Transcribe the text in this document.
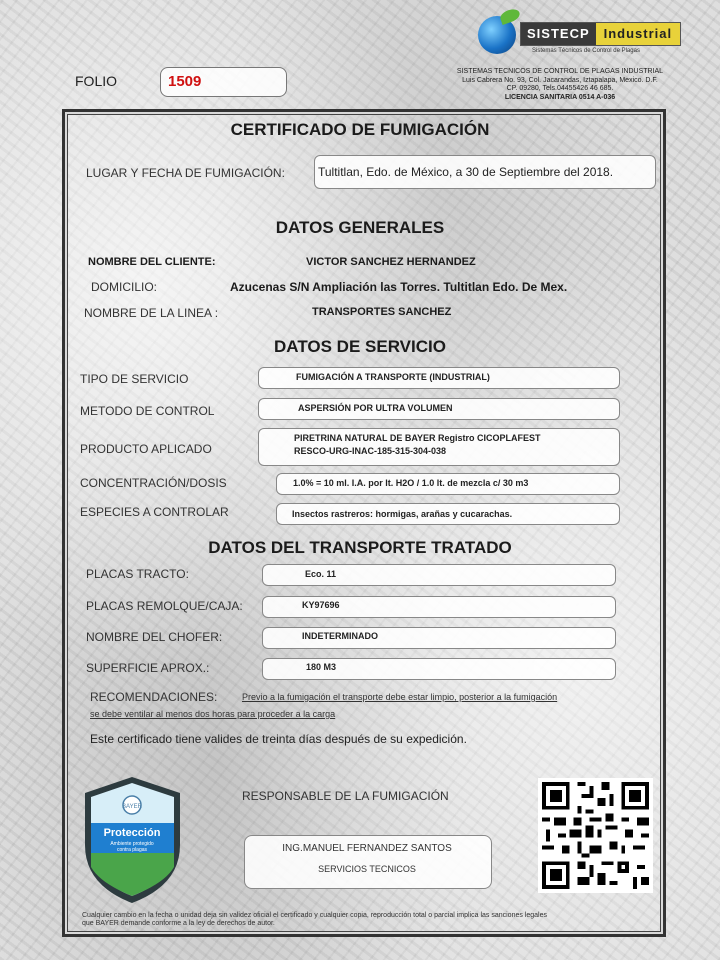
SISTECP	Industrial
Sistemas Técnicos de Control de Plagas
SISTEMAS TECNICOS DE CONTROL DE PLAGAS INDUSTRIAL
Luis Cabrera No. 93, Col. Jacarandas, Iztapalapa, Mexico. D.F.
CP. 09280, Tels.04455426 46 685.
LICENCIA SANITARIA 0514 A-036
FOLIO	1509
CERTIFICADO DE FUMIGACIÓN
LUGAR Y FECHA DE FUMIGACIÓN:	Tultitlan, Edo. de México, a 30 de Septiembre del 2018.
DATOS GENERALES
NOMBRE DEL CLIENTE:	VICTOR SANCHEZ HERNANDEZ
DOMICILIO:	Azucenas S/N Ampliación las Torres. Tultitlan Edo. De Mex.
NOMBRE DE LA LINEA :	TRANSPORTES SANCHEZ
DATOS DE SERVICIO
TIPO DE SERVICIO	FUMIGACIÓN A TRANSPORTE (INDUSTRIAL)
METODO DE CONTROL	ASPERSIÓN POR ULTRA VOLUMEN
PRODUCTO APLICADO
PIRETRINA NATURAL DE BAYER Registro CICOPLAFEST
RESCO-URG-INAC-185-315-304-038
CONCENTRACIÓN/DOSIS	1.0% = 10 ml. I.A. por lt. H2O / 1.0 lt. de mezcla c/ 30 m3
ESPECIES A CONTROLAR	Insectos rastreros: hormigas, arañas y cucarachas.
DATOS DEL TRANSPORTE TRATADO
PLACAS TRACTO:	Eco. 11
PLACAS REMOLQUE/CAJA:	KY97696
NOMBRE DEL CHOFER:	INDETERMINADO
SUPERFICIE APROX.:	180 M3
RECOMENDACIONES:	Previo a la fumigación el transporte debe estar limpio, posterior a la fumigación
se debe ventilar al menos dos horas para proceder a la carga
Este certificado tiene valides de treinta días después de su expedición.
RESPONSABLE DE LA FUMIGACIÓN
ING.MANUEL FERNANDEZ SANTOS
SERVICIOS TECNICOS
BAYER
Protección
Ambiente protegido
contra plagas
Cualquier cambio en la fecha o unidad deja sin validez oficial el certificado y cualquier copia, reproducción total o parcial implica las sanciones legales
que BAYER demande conforme a la ley de derechos de autor.
